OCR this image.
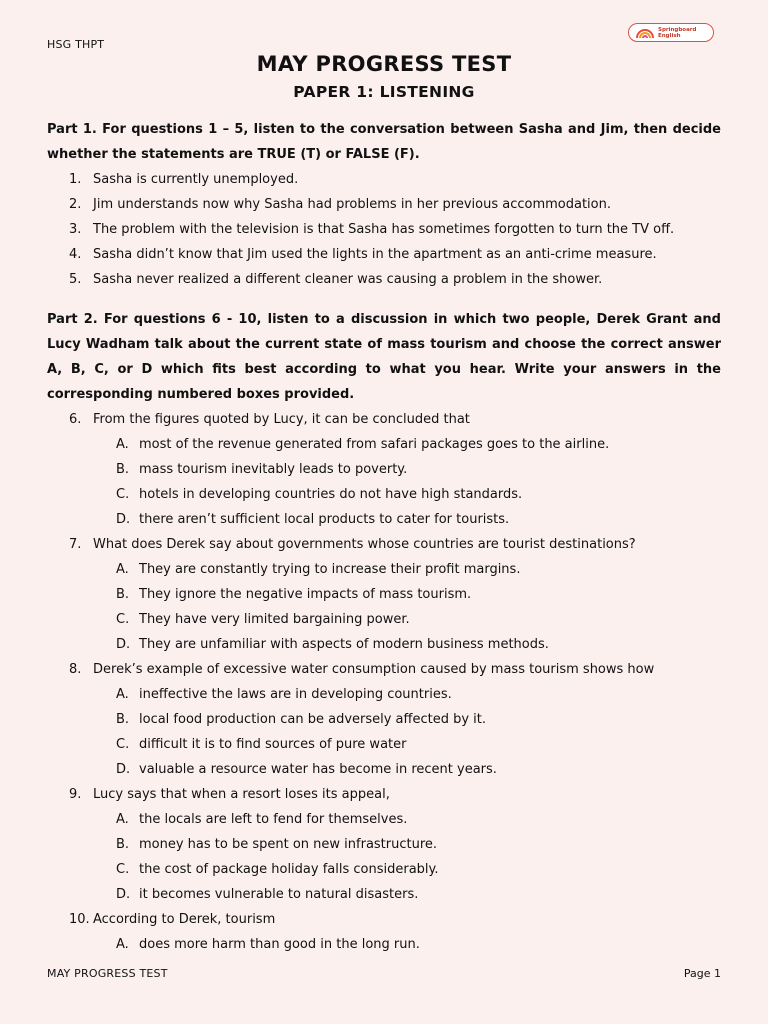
HSG THPT
Springboard
English
MAY PROGRESS TEST
PAPER 1: LISTENING

Part 1. For questions 1 – 5, listen to the conversation between Sasha and Jim, then decide whether the statements are TRUE (T) or FALSE (F).

1. Sasha is currently unemployed.
2. Jim understands now why Sasha had problems in her previous accommodation.
3. The problem with the television is that Sasha has sometimes forgotten to turn the TV off.
4. Sasha didn’t know that Jim used the lights in the apartment as an anti-crime measure.
5. Sasha never realized a different cleaner was causing a problem in the shower.

Part 2. For questions 6 - 10, listen to a discussion in which two people, Derek Grant and Lucy Wadham talk about the current state of mass tourism and choose the correct answer A, B, C, or D which fits best according to what you hear. Write your answers in the corresponding numbered boxes provided.

6. From the figures quoted by Lucy, it can be concluded that
A. most of the revenue generated from safari packages goes to the airline.
B. mass tourism inevitably leads to poverty.
C. hotels in developing countries do not have high standards.
D. there aren’t sufficient local products to cater for tourists.
7. What does Derek say about governments whose countries are tourist destinations?
A. They are constantly trying to increase their profit margins.
B. They ignore the negative impacts of mass tourism.
C. They have very limited bargaining power.
D. They are unfamiliar with aspects of modern business methods.
8. Derek’s example of excessive water consumption caused by mass tourism shows how
A. ineffective the laws are in developing countries.
B. local food production can be adversely affected by it.
C. difficult it is to find sources of pure water
D. valuable a resource water has become in recent years.
9. Lucy says that when a resort loses its appeal,
A. the locals are left to fend for themselves.
B. money has to be spent on new infrastructure.
C. the cost of package holiday falls considerably.
D. it becomes vulnerable to natural disasters.
10. According to Derek, tourism
A. does more harm than good in the long run.
MAY PROGRESS TEST	Page 1
